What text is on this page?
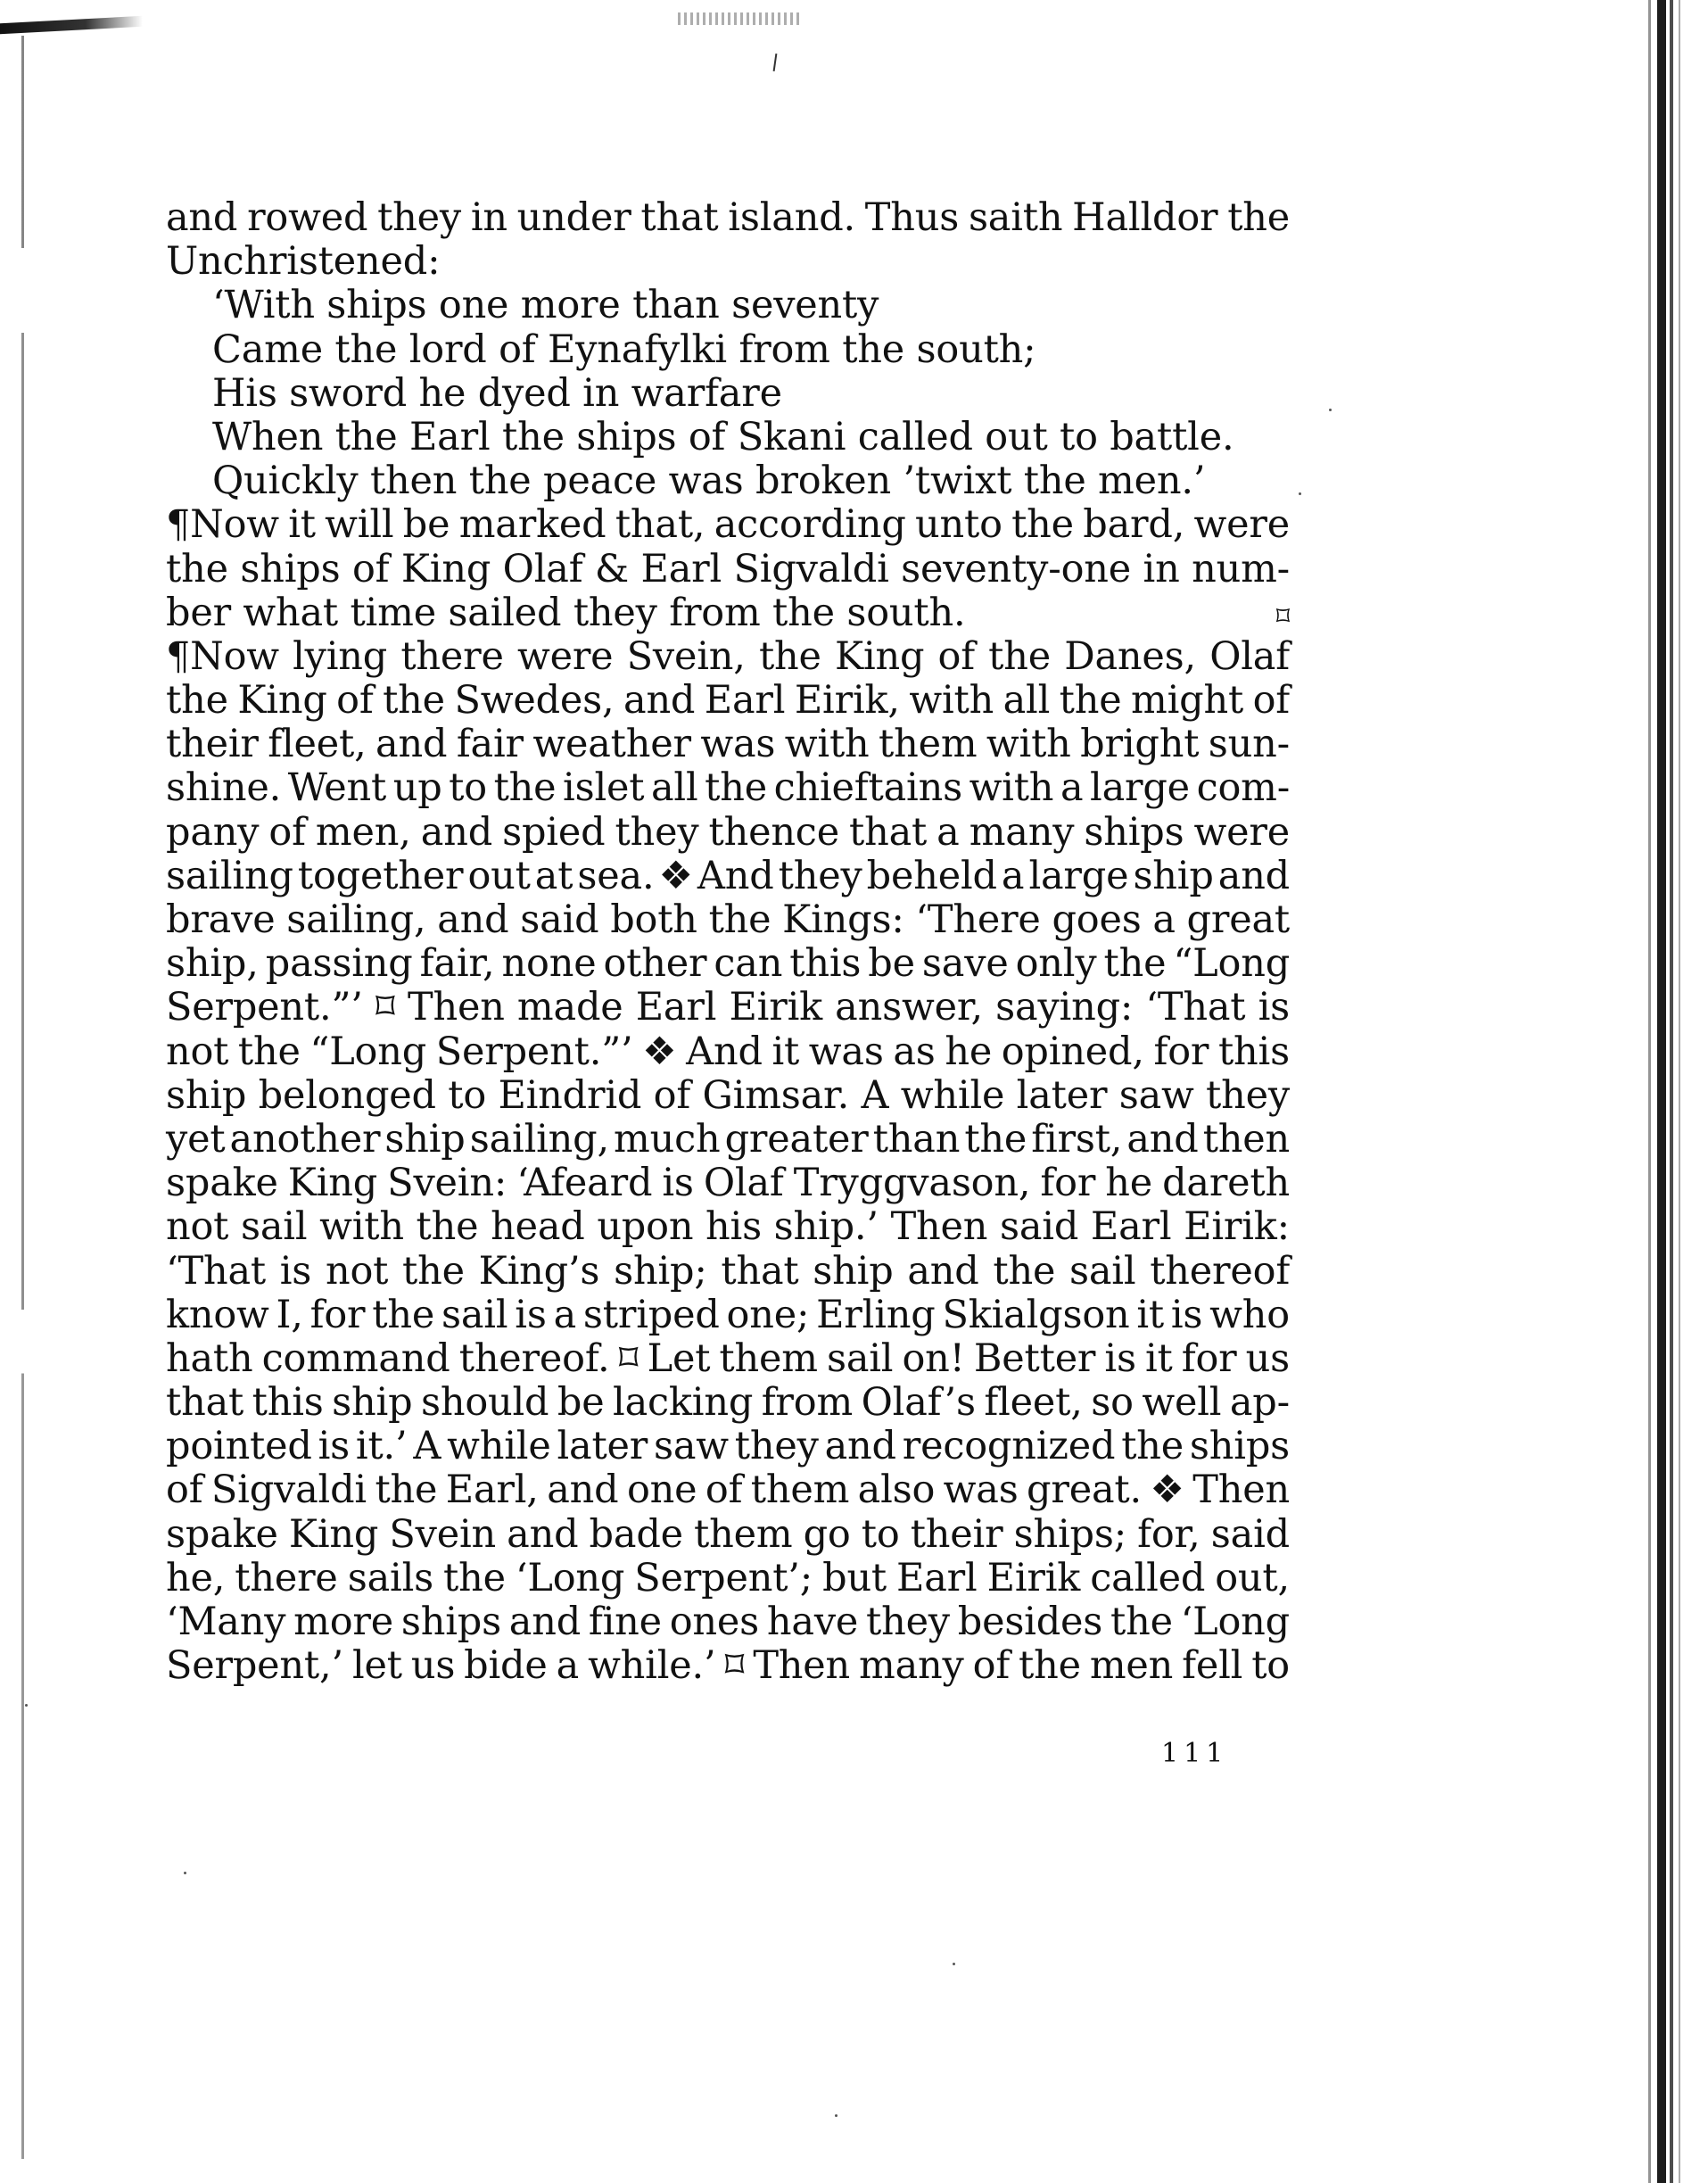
and rowed they in under that island. Thus saith Halldor the
Unchristened:
‘With ships one more than seventy
Came the lord of Eynafylki from the south;
His sword he dyed in warfare
When the Earl the ships of Skani called out to battle.
Quickly then the peace was broken ’twixt the men.’
¶Now it will be marked that, according unto the bard, were
the ships of King Olaf & Earl Sigvaldi seventy-one in num-
ber what time sailed they from the south.	⌑
¶Now lying there were Svein, the King of the Danes, Olaf
the King of the Swedes, and Earl Eirik, with all the might of
their fleet, and fair weather was with them with bright sun-
shine. Went up to the islet all the chieftains with a large com-
pany of men, and spied they thence that a many ships were
sailing together out at sea. ❖ And they beheld a large ship and
brave sailing, and said both the Kings: ‘There goes a great
ship, passing fair, none other can this be save only the “Long
Serpent.”’ ⌑ Then made Earl Eirik answer, saying: ‘That is
not the “Long Serpent.”’ ❖ And it was as he opined, for this
ship belonged to Eindrid of Gimsar. A while later saw they
yet another ship sailing, much greater than the first, and then
spake King Svein: ‘Afeard is Olaf Tryggvason, for he dareth
not sail with the head upon his ship.’ Then said Earl Eirik:
‘That is not the King’s ship; that ship and the sail thereof
know I, for the sail is a striped one; Erling Skialgson it is who
hath command thereof. ⌑ Let them sail on! Better is it for us
that this ship should be lacking from Olaf’s fleet, so well ap-
pointed is it.’ A while later saw they and recognized the ships
of Sigvaldi the Earl, and one of them also was great. ❖ Then
spake King Svein and bade them go to their ships; for, said
he, there sails the ‘Long Serpent’; but Earl Eirik called out,
‘Many more ships and fine ones have they besides the ‘Long
Serpent,’ let us bide a while.’ ⌑ Then many of the men fell to
111
